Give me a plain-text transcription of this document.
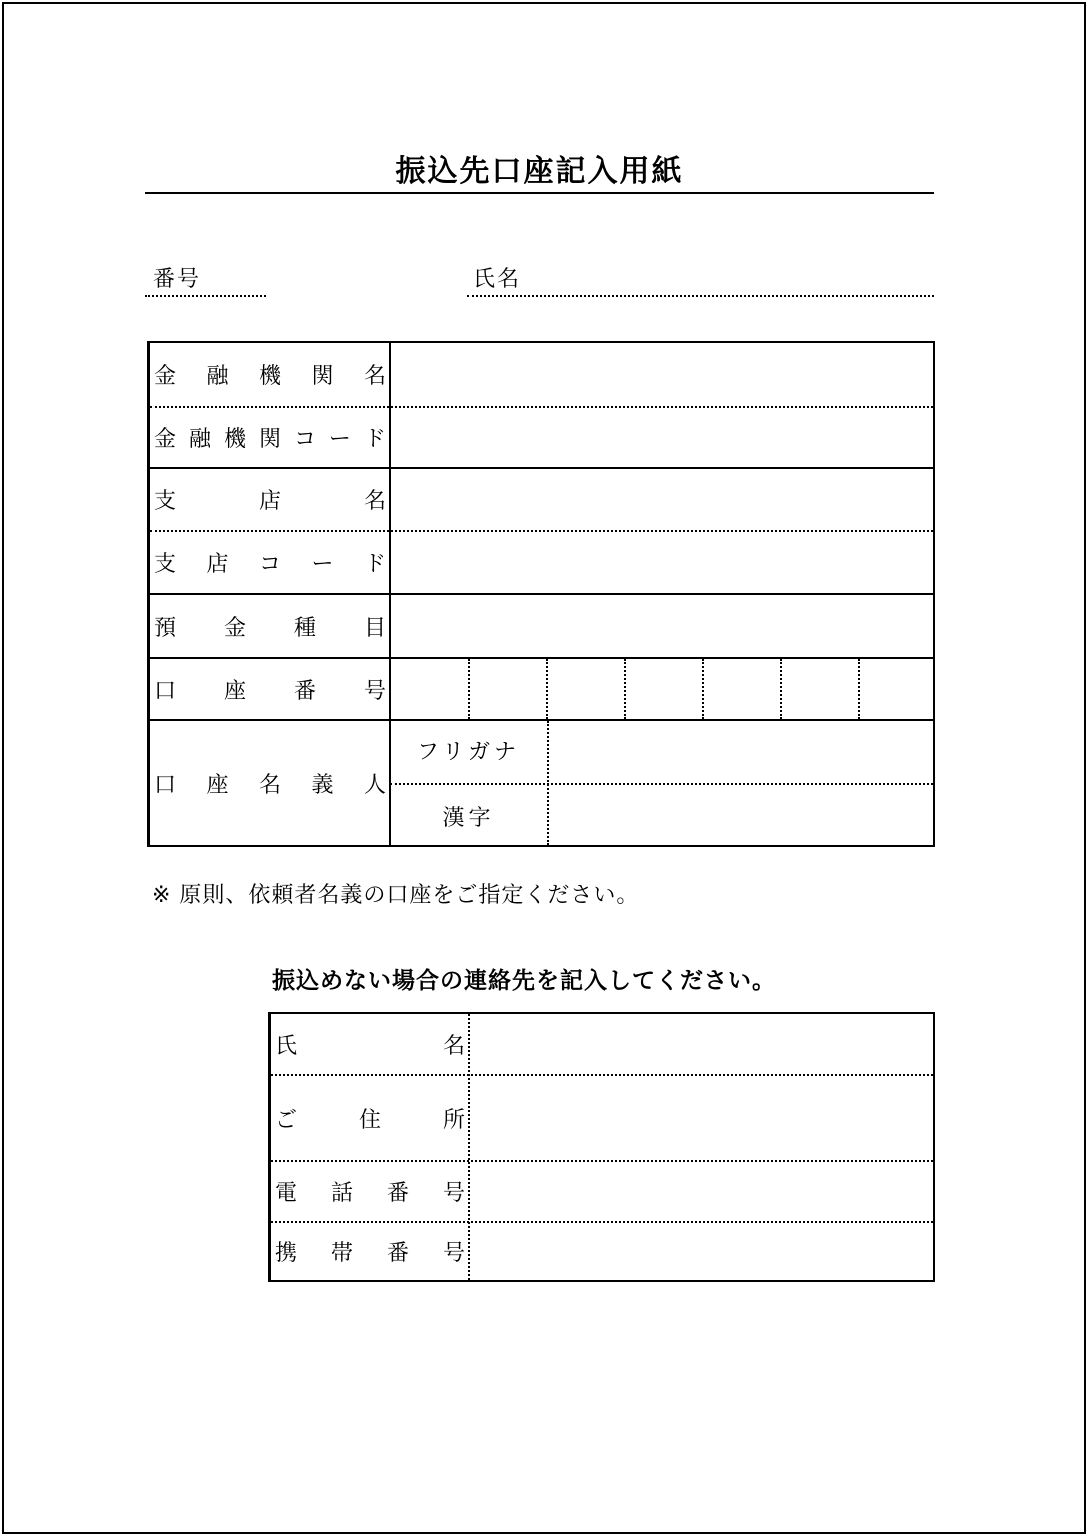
振込先口座記入用紙
番号	氏名
金 融 機 関 名
金 融 機 関 コ ー ド
支	店	名
支 店 コ ー ド
預 金 種 目
口 座 番 号
口 座 名 義 人
フリガナ
漢字
※ 原則、依頼者名義の口座をご指定ください。
振込めない場合の連絡先を記入してください。
氏	名
ご	住	所
電 話 番 号
携 帯 番 号
